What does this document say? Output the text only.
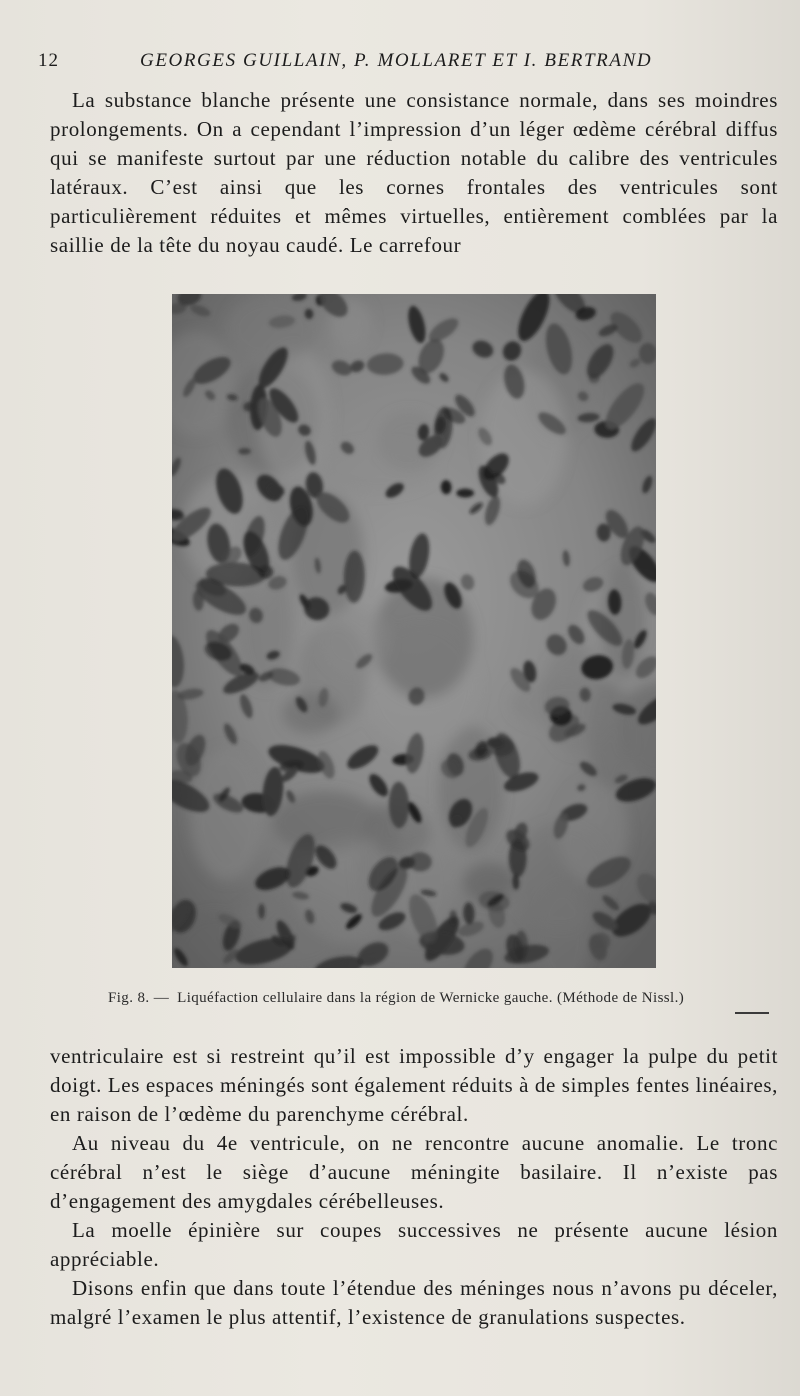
12	GEORGES GUILLAIN, P. MOLLARET ET I. BERTRAND

La substance blanche présente une consistance normale, dans ses moindres prolongements. On a cependant l’impression d’un léger œdème cérébral diffus qui se manifeste surtout par une réduction notable du calibre des ventricules latéraux. C’est ainsi que les cornes frontales des ventricules sont particulièrement réduites et mêmes virtuelles, entièrement comblées par la saillie de la tête du noyau caudé. Le carrefour

Fig. 8. — Liquéfaction cellulaire dans la région de Wernicke gauche. (Méthode de Nissl.)

ventriculaire est si restreint qu’il est impossible d’y engager la pulpe du petit doigt. Les espaces méningés sont également réduits à de simples fentes linéaires, en raison de l’œdème du parenchyme cérébral.

Au niveau du 4e ventricule, on ne rencontre aucune anomalie. Le tronc cérébral n’est le siège d’aucune méningite basilaire. Il n’existe pas d’engagement des amygdales cérébelleuses.

La moelle épinière sur coupes successives ne présente aucune lésion appréciable.

Disons enfin que dans toute l’étendue des méninges nous n’avons pu déceler, malgré l’examen le plus attentif, l’existence de granulations suspectes.
